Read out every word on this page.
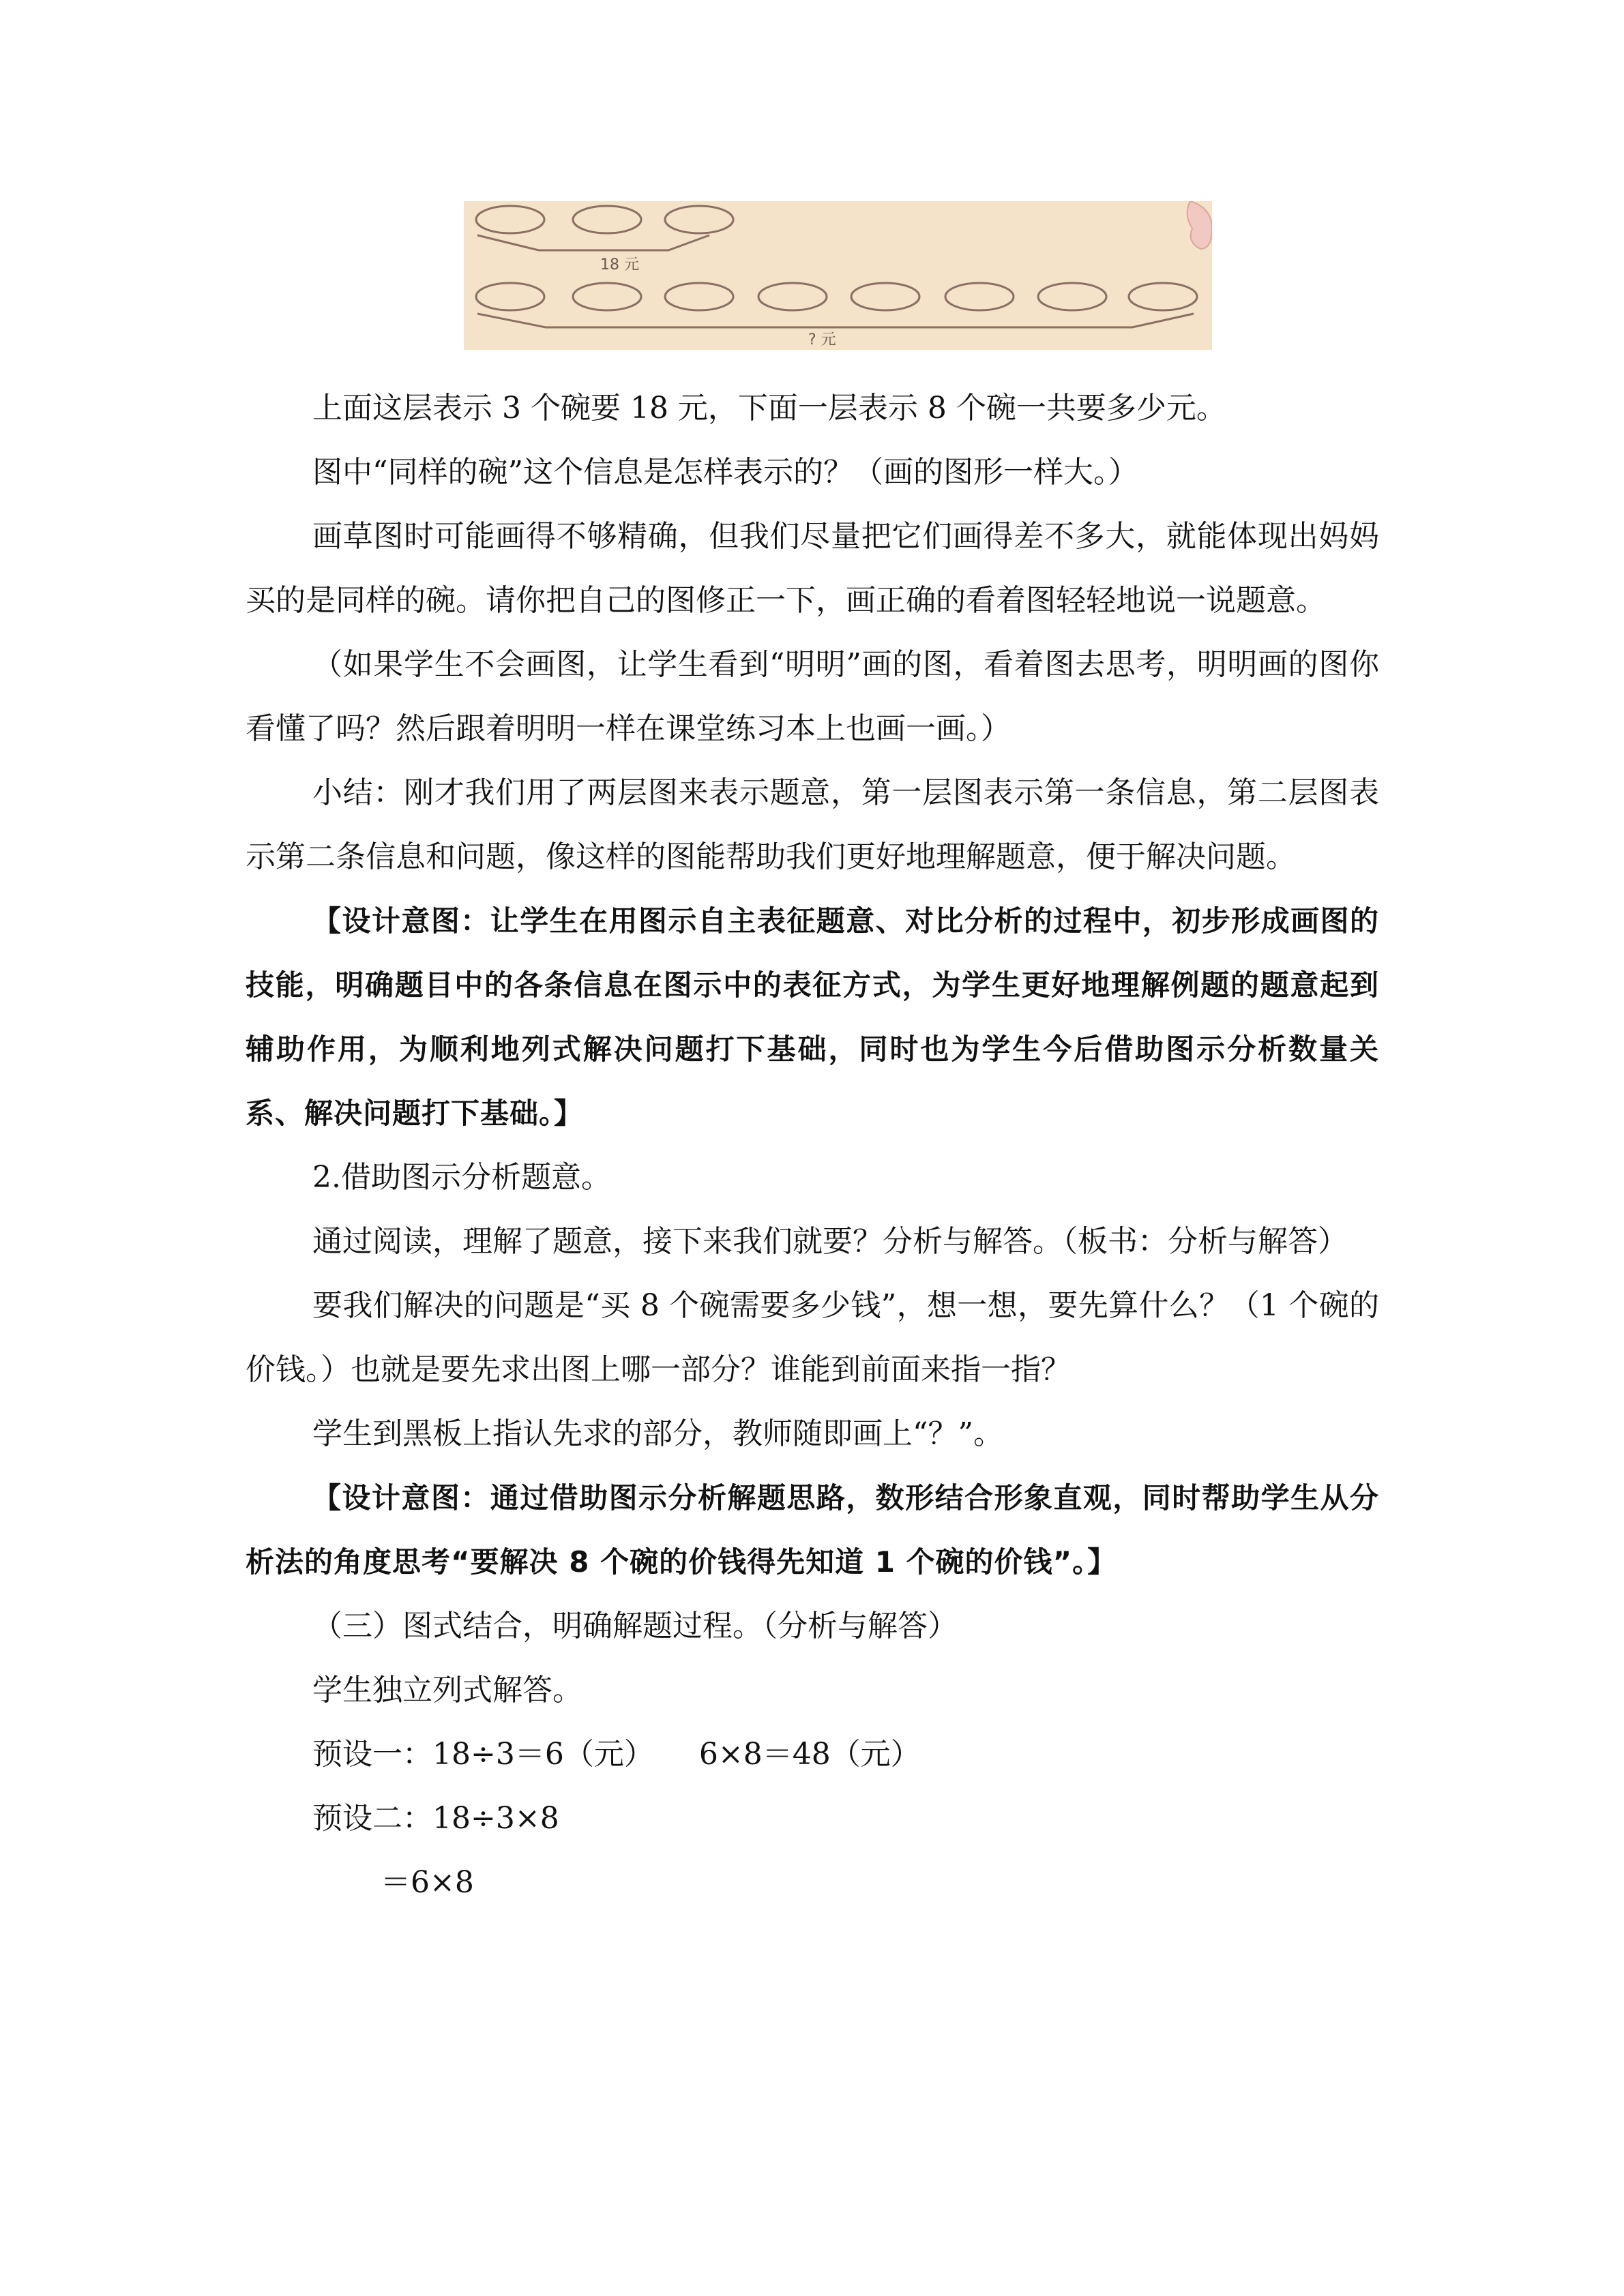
18 元
? 元

上面这层表示 3 个碗要 18 元，下面一层表示 8 个碗一共要多少元。

图中“同样的碗”这个信息是怎样表示的？（画的图形一样大。）

画草图时可能画得不够精确，但我们尽量把它们画得差不多大，就能体现出妈妈买的是同样的碗。请你把自己的图修正一下，画正确的看着图轻轻地说一说题意。

（如果学生不会画图，让学生看到“明明”画的图，看着图去思考，明明画的图你看懂了吗？然后跟着明明一样在课堂练习本上也画一画。）

小结：刚才我们用了两层图来表示题意，第一层图表示第一条信息，第二层图表示第二条信息和问题，像这样的图能帮助我们更好地理解题意，便于解决问题。

【设计意图：让学生在用图示自主表征题意、对比分析的过程中，初步形成画图的技能，明确题目中的各条信息在图示中的表征方式，为学生更好地理解例题的题意起到辅助作用，为顺利地列式解决问题打下基础，同时也为学生今后借助图示分析数量关系、解决问题打下基础。】

2.借助图示分析题意。

通过阅读，理解了题意，接下来我们就要？分析与解答。（板书：分析与解答）

要我们解决的问题是“买 8 个碗需要多少钱”，想一想，要先算什么？（1 个碗的价钱。）也就是要先求出图上哪一部分？谁能到前面来指一指？

学生到黑板上指认先求的部分，教师随即画上“？”。

【设计意图：通过借助图示分析解题思路，数形结合形象直观，同时帮助学生从分析法的角度思考“要解决 8 个碗的价钱得先知道 1 个碗的价钱”。】

（三）图式结合，明确解题过程。（分析与解答）

学生独立列式解答。

预设一：18÷3＝6（元）　　6×8＝48（元）

预设二：18÷3×8

＝6×8
